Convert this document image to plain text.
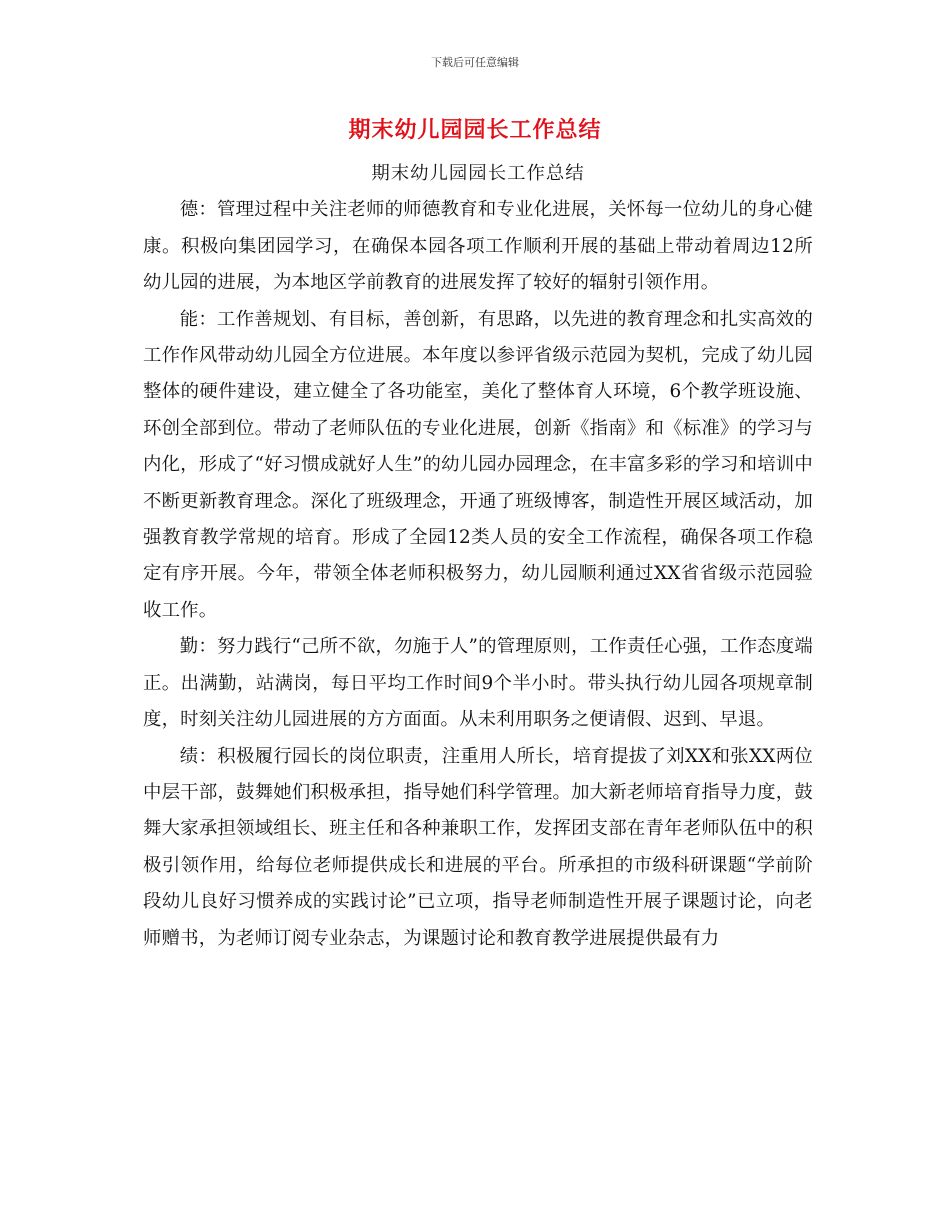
下载后可任意编辑
期末幼儿园园长工作总结

期末幼儿园园长工作总结

德：管理过程中关注老师的师德教育和专业化进展，关怀每一位幼儿的身心健康。积极向集团园学习，在确保本园各项工作顺利开展的基础上带动着周边12所幼儿园的进展，为本地区学前教育的进展发挥了较好的辐射引领作用。

能：工作善规划、有目标，善创新，有思路，以先进的教育理念和扎实高效的工作作风带动幼儿园全方位进展。本年度以参评省级示范园为契机，完成了幼儿园整体的硬件建设，建立健全了各功能室，美化了整体育人环境，6个教学班设施、环创全部到位。带动了老师队伍的专业化进展，创新《指南》和《标准》的学习与内化，形成了“好习惯成就好人生”的幼儿园办园理念，在丰富多彩的学习和培训中不断更新教育理念。深化了班级理念，开通了班级博客，制造性开展区域活动，加强教育教学常规的培育。形成了全园12类人员的安全工作流程，确保各项工作稳定有序开展。今年，带领全体老师积极努力，幼儿园顺利通过XX省省级示范园验收工作。

勤：努力践行“己所不欲，勿施于人”的管理原则，工作责任心强，工作态度端正。出满勤，站满岗，每日平均工作时间9个半小时。带头执行幼儿园各项规章制度，时刻关注幼儿园进展的方方面面。从未利用职务之便请假、迟到、早退。

绩：积极履行园长的岗位职责，注重用人所长，培育提拔了刘XX和张XX两位中层干部，鼓舞她们积极承担，指导她们科学管理。加大新老师培育指导力度，鼓舞大家承担领域组长、班主任和各种兼职工作，发挥团支部在青年老师队伍中的积极引领作用，给每位老师提供成长和进展的平台。所承担的市级科研课题“学前阶段幼儿良好习惯养成的实践讨论”已立项，指导老师制造性开展子课题讨论，向老师赠书，为老师订阅专业杂志，为课题讨论和教育教学进展提供最有力
